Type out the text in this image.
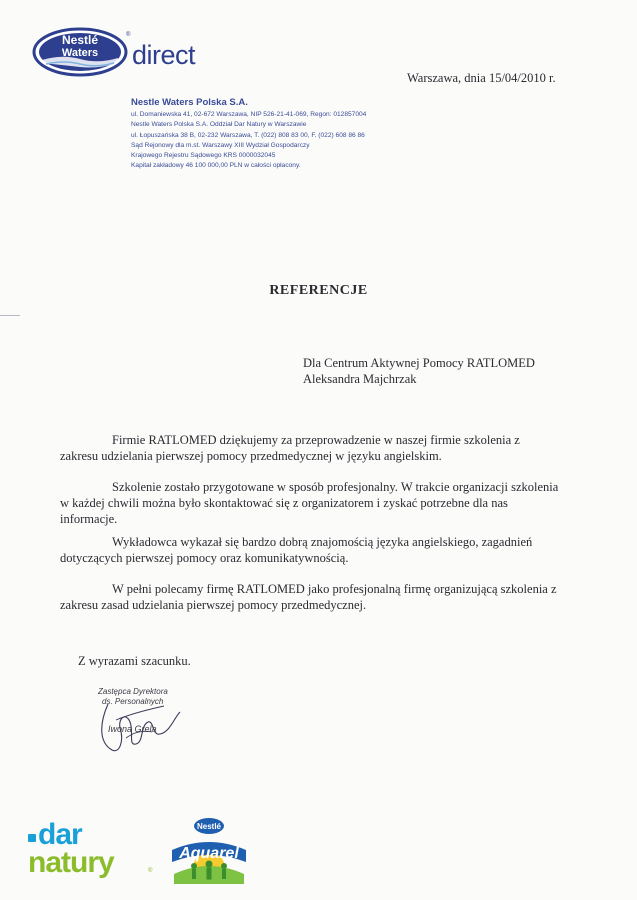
Nestlé
Waters
®
direct
Warszawa, dnia 15/04/2010 r.
Nestle Waters Polska S.A.
ul. Domaniewska 41, 02-672 Warszawa, NIP 526-21-41-069, Regon: 012857004
Nestle Waters Polska S.A. Oddział Dar Natury w Warszawie
ul. Łopuszańska 38 B, 02-232 Warszawa, T. (022) 808 83 00, F. (022) 608 86 86
Sąd Rejonowy dla m.st. Warszawy XIII Wydział Gospodarczy
Krajowego Rejestru Sądowego KRS 0000032045
Kapitał zakładowy 46 100 000,00 PLN w całości opłacony.
REFERENCJE
Dla Centrum Aktywnej Pomocy RATLOMED
Aleksandra Majchrzak

Firmie RATLOMED dziękujemy za przeprowadzenie w naszej firmie szkolenia z zakresu udzielania pierwszej pomocy przedmedycznej w języku angielskim.

Szkolenie zostało przygotowane w sposób profesjonalny. W trakcie organizacji szkolenia w każdej chwili można było skontaktować się z organizatorem i zyskać potrzebne dla nas informacje.

Wykładowca wykazał się bardzo dobrą znajomością języka angielskiego, zagadnień dotyczących pierwszej pomocy oraz komunikatywnością.

W pełni polecamy firmę RATLOMED jako profesjonalną firmę organizującą szkolenia z zakresu zasad udzielania pierwszej pomocy przedmedycznej.

Z wyrazami szacunku.
Zastępca Dyrektora
ds. Personalnych
Iwona Grela
dar
natury	®
Nestlé
Aquarel
